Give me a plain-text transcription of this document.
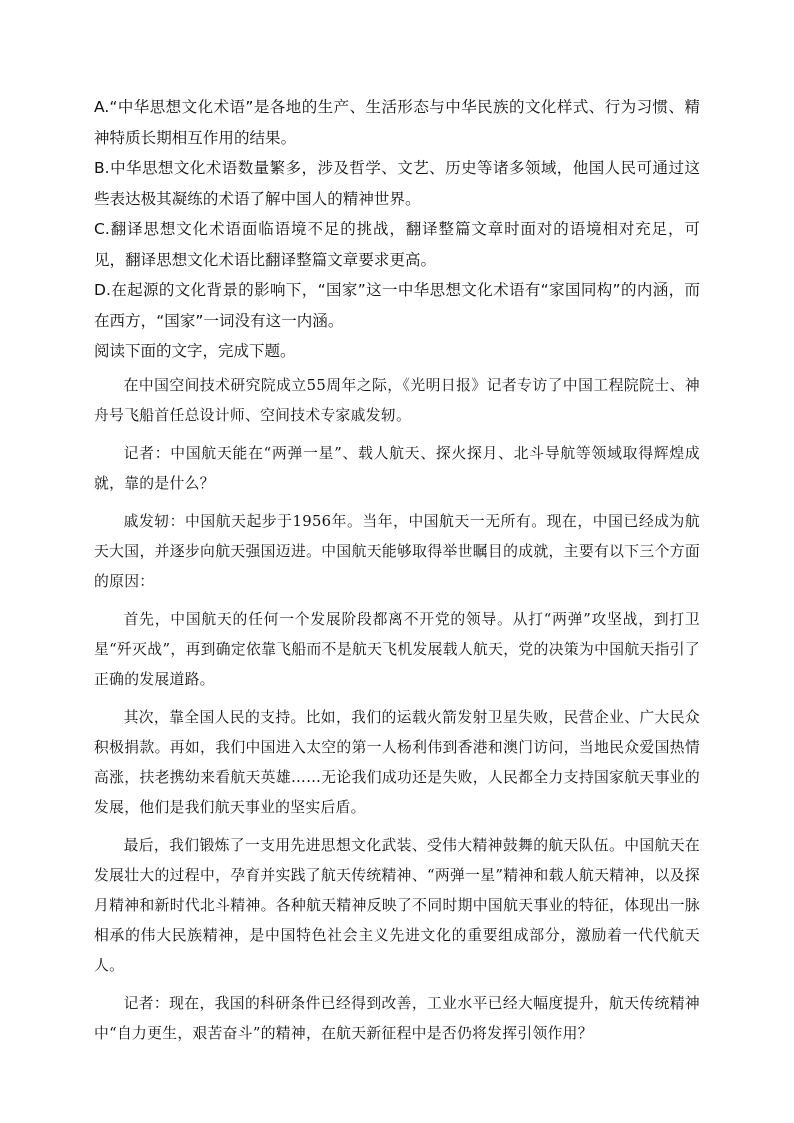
A.“中华思想文化术语”是各地的生产、生活形态与中华民族的文化样式、行为习惯、精神特质长期相互作用的结果。

B.中华思想文化术语数量繁多，涉及哲学、文艺、历史等诸多领域，他国人民可通过这些表达极其凝练的术语了解中国人的精神世界。

C.翻译思想文化术语面临语境不足的挑战，翻译整篇文章时面对的语境相对充足，可见，翻译思想文化术语比翻译整篇文章要求更高。

D.在起源的文化背景的影响下，“国家”这一中华思想文化术语有“家国同构”的内涵，而在西方，“国家”一词没有这一内涵。

阅读下面的文字，完成下题。

在中国空间技术研究院成立55周年之际，《光明日报》记者专访了中国工程院院士、神舟号飞船首任总设计师、空间技术专家戚发轫。

记者：中国航天能在“两弹一星”、载人航天、探火探月、北斗导航等领域取得辉煌成就，靠的是什么？

戚发轫：中国航天起步于1956年。当年，中国航天一无所有。现在，中国已经成为航天大国，并逐步向航天强国迈进。中国航天能够取得举世瞩目的成就，主要有以下三个方面的原因：

首先，中国航天的任何一个发展阶段都离不开党的领导。从打“两弹”攻坚战，到打卫星“歼灭战”，再到确定依靠飞船而不是航天飞机发展载人航天，党的决策为中国航天指引了正确的发展道路。

其次，靠全国人民的支持。比如，我们的运载火箭发射卫星失败，民营企业、广大民众积极捐款。再如，我们中国进入太空的第一人杨利伟到香港和澳门访问，当地民众爱国热情高涨，扶老携幼来看航天英雄……无论我们成功还是失败，人民都全力支持国家航天事业的发展，他们是我们航天事业的坚实后盾。

最后，我们锻炼了一支用先进思想文化武装、受伟大精神鼓舞的航天队伍。中国航天在发展壮大的过程中，孕育并实践了航天传统精神、“两弹一星”精神和载人航天精神，以及探月精神和新时代北斗精神。各种航天精神反映了不同时期中国航天事业的特征，体现出一脉相承的伟大民族精神，是中国特色社会主义先进文化的重要组成部分，激励着一代代航天人。

记者：现在，我国的科研条件已经得到改善，工业水平已经大幅度提升，航天传统精神中“自力更生，艰苦奋斗”的精神，在航天新征程中是否仍将发挥引领作用？
